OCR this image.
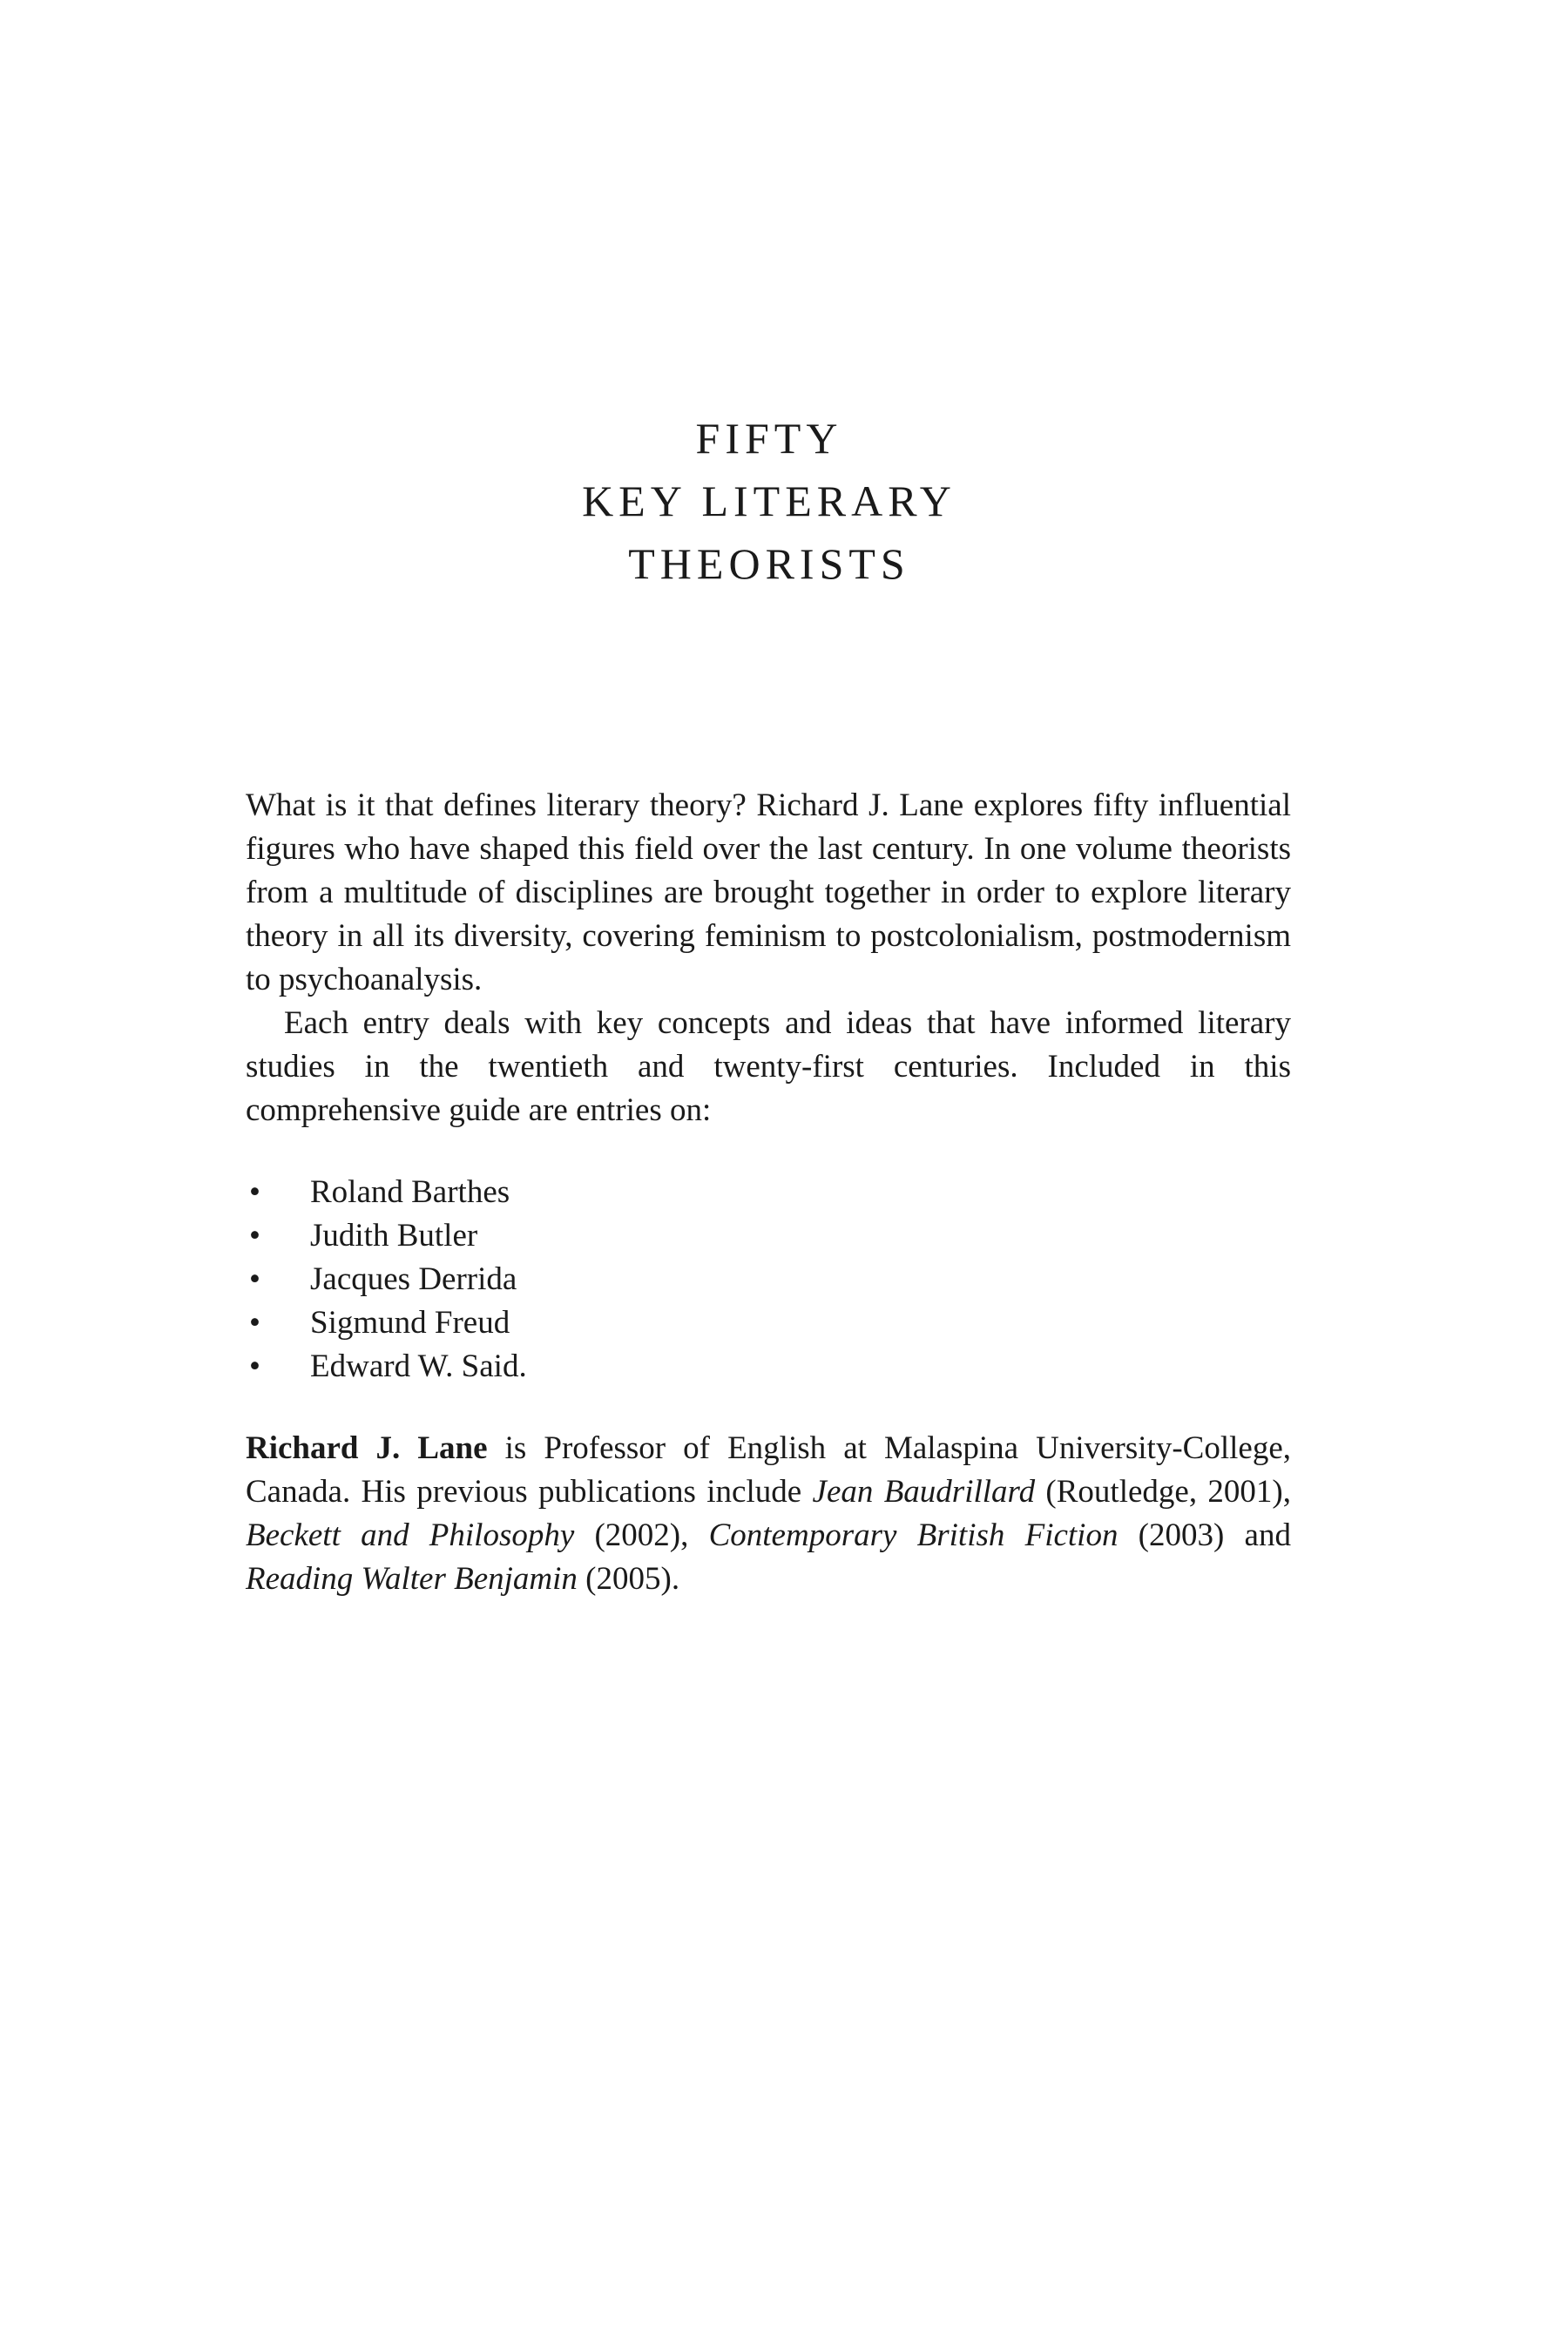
FIFTY
KEY LITERARY
THEORISTS

What is it that defines literary theory? Richard J. Lane explores fifty influential figures who have shaped this field over the last century. In one volume theorists from a multitude of disciplines are brought together in order to explore literary theory in all its diversity, covering feminism to postcolonialism, postmodernism to psychoanalysis.

Each entry deals with key concepts and ideas that have informed literary studies in the twentieth and twenty-first centuries. Included in this comprehensive guide are entries on:

• Roland Barthes
• Judith Butler
• Jacques Derrida
• Sigmund Freud
• Edward W. Said.

Richard J. Lane is Professor of English at Malaspina University-College, Canada. His previous publications include Jean Baudrillard (Routledge, 2001), Beckett and Philosophy (2002), Contemporary British Fiction (2003) and Reading Walter Benjamin (2005).
